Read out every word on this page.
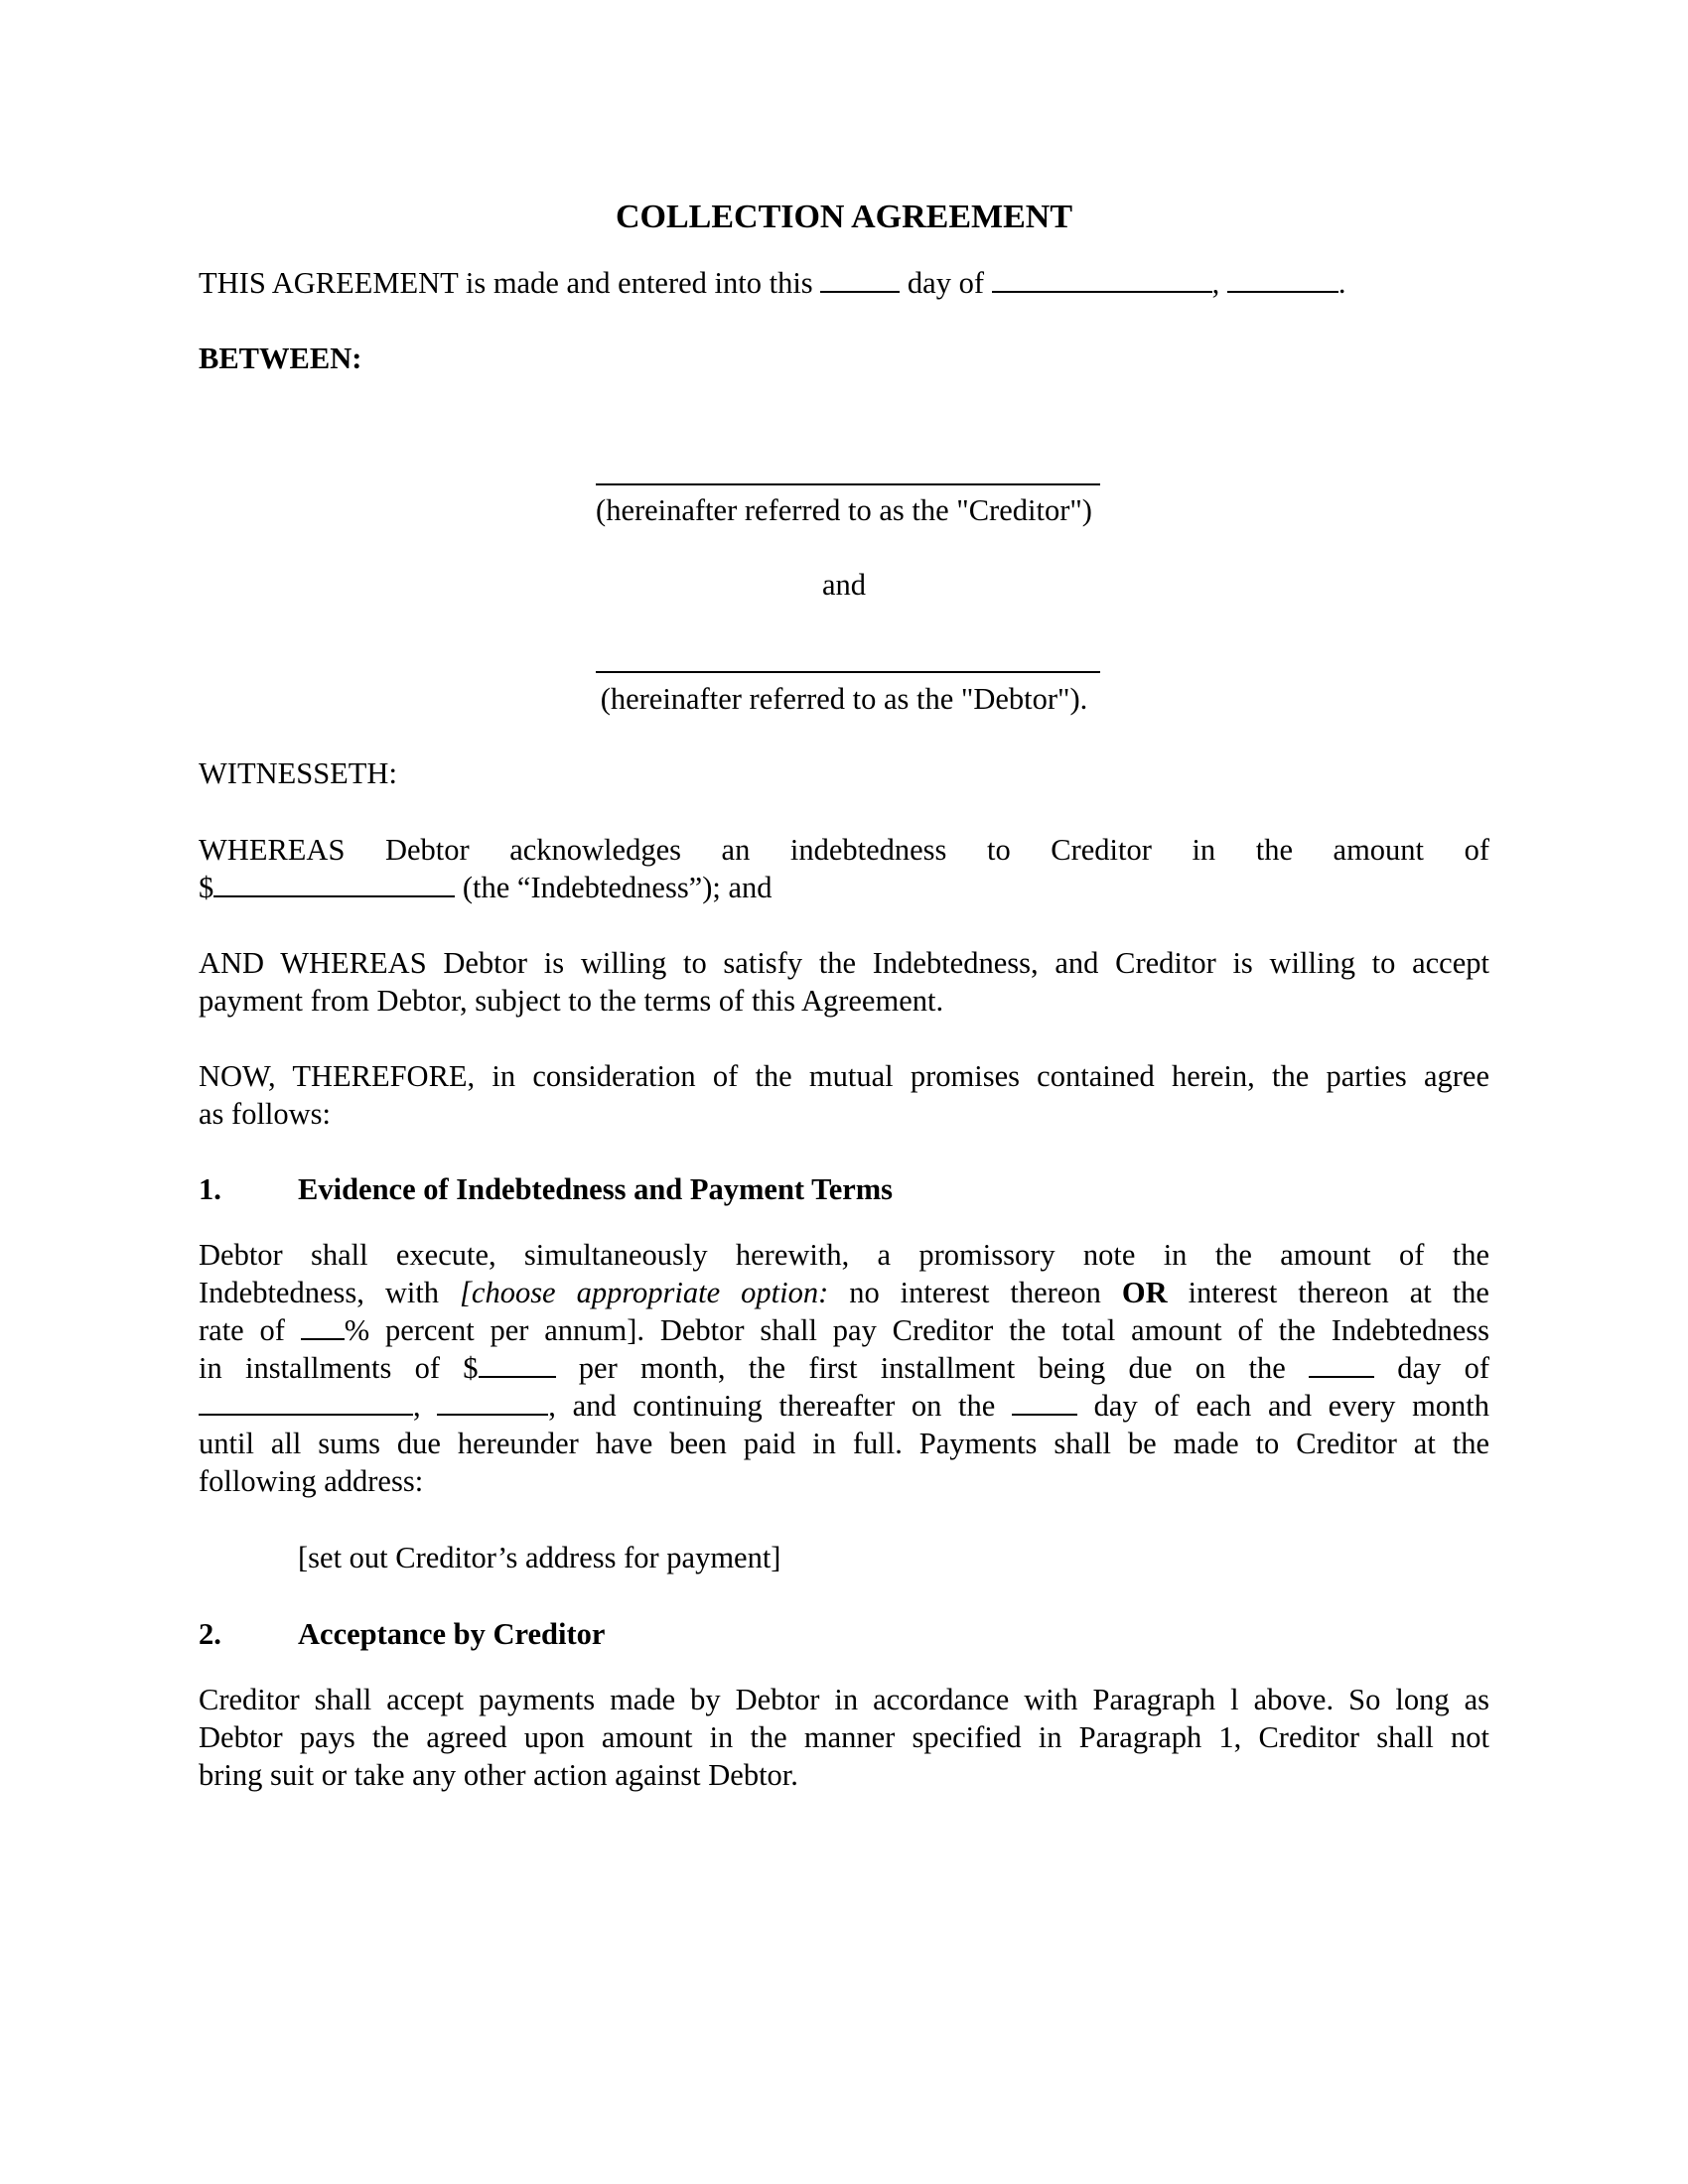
COLLECTION AGREEMENT
THIS AGREEMENT is made and entered into this	day of	,	.
BETWEEN:
(hereinafter referred to as the "Creditor")
and
(hereinafter referred to as the "Debtor").
WITNESSETH:
WHEREAS Debtor acknowledges an indebtedness to Creditor in the amount of
$	(the “Indebtedness”); and
AND WHEREAS Debtor is willing to satisfy the Indebtedness, and Creditor is willing to accept
payment from Debtor, subject to the terms of this Agreement.
NOW, THEREFORE, in consideration of the mutual promises contained herein, the parties agree
as follows:
1.	Evidence of Indebtedness and Payment Terms
Debtor shall execute, simultaneously herewith, a promissory note in the amount of the
Indebtedness, with [choose appropriate option: no interest thereon OR interest thereon at the
rate of % percent per annum]. Debtor shall pay Creditor the total amount of the Indebtedness
in installments of $	per month, the first installment being due on the  day of
,	, and continuing thereafter on the  day of each and every month
until all sums due hereunder have been paid in full. Payments shall be made to Creditor at the
following address:
[set out Creditor’s address for payment]
2.	Acceptance by Creditor
Creditor shall accept payments made by Debtor in accordance with Paragraph l above. So long as
Debtor pays the agreed upon amount in the manner specified in Paragraph 1, Creditor shall not
bring suit or take any other action against Debtor.
